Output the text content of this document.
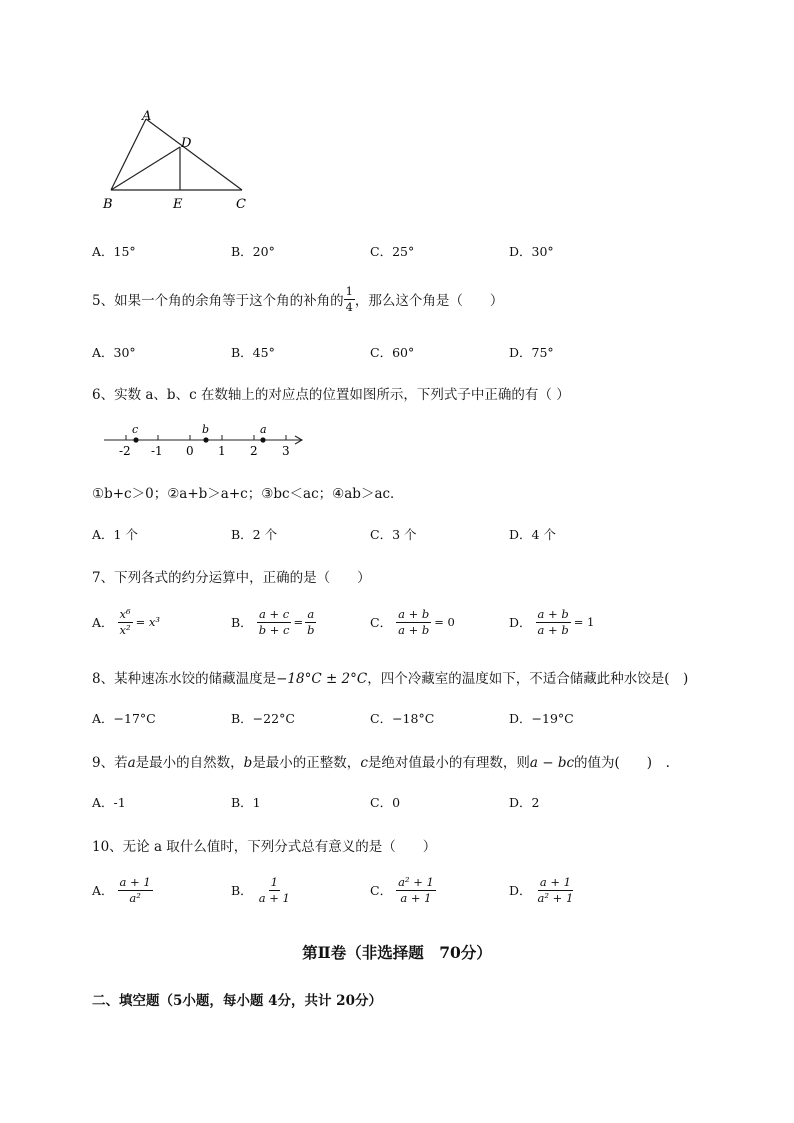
A
D
B	E	C
A．15°	B．20°	C．25°	D．30°
5、如果一个角的余角等于这个角的补角的 $\frac{1}{4}$ ，那么这个角是（　　）
A．30°	B．45°	C．60°	D．75°
6、实数 a、b、c 在数轴上的对应点的位置如图所示，下列式子中正确的有（ ）
c	b	a
-2 -1 0 1 2 3
①b+c＞0；②a+b＞a+c；③bc＜ac；④ab＞ac．
A．1 个	B．2 个	C．3 个	D．4 个
7、下列各式的约分运算中，正确的是（　　）
A． $\frac{\text{x⁶}}{\text{x²}} = x^3$	B． $\frac{a + c}{b + c} = \frac{a}{b}$	C． $\frac{a + b}{a + b} = 0$	D． $\frac{a + b}{a + b} = 1$
8、某种速冻水饺的储藏温度是−18°C ± 2°C，四个冷藏室的温度如下，不适合储藏此种水饺是(　)
A．−17°C	B．−22°C	C．−18°C	D．−19°C
9、若a是最小的自然数，b是最小的正整数，c是绝对值最小的有理数，则a − bc的值为(　　)　.
A．-1	B．1	C．0	D．2
10、无论 a 取什么值时，下列分式总有意义的是（　　）
A． $\frac{a + 1}{\text{a²}}$	B． $\frac{1}{a + 1}$	C． $\frac{\text{a² + 1}}{a + 1}$	D． $\frac{a + 1}{\text{a² + 1}}$
第Ⅱ卷（非选择题　70分）
二、填空题（5小题，每小题 4分，共计 20分）
